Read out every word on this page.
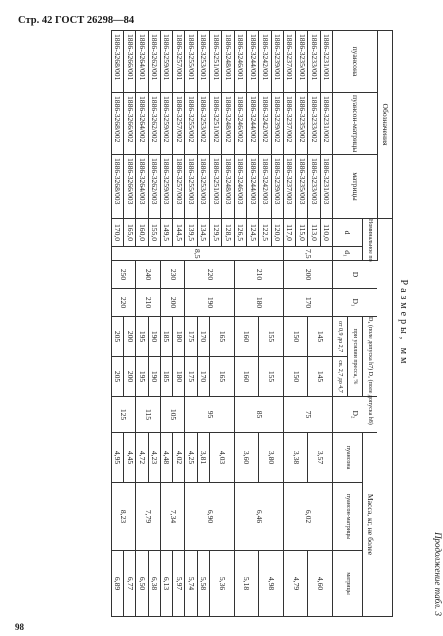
Стр. 42 ГОСТ 26298—84
Продолжение табл. 3
Размеры, мм
Обозначения												
пуансона	пуансон-матрицы	матрицы	Номинальное по		D	D₁	D₄ (поле допуска h7) D₂ (поле допуска h8)		D₂	Масса, кг, не более		
			d	d₁			при усилии пресса, %			пуансона	пуансон-матрицы	матрицы
							от 0,9 до 2,7	св. 2,7 до 4,7				
1886-3231/001	1886-3231/002	1886-3231/003	110,0	7,5	200	170	145	145	75	3,57	6,02	4,60
1886-3233/001	1886-3233/002	1886-3233/003	113,0									
1886-3235/001	1886-3235/002	1886-3235/003	115,0				150	150		3,38		4,79
1886-3237/001	1886-3237/002	1886-3237/003	117,0									
1886-3239/001	1886-3239/002	1886-3239/003	120,0	8,5	210	180	155	155	85	3,80	6,46	4,98
1886-3242/001	1886-3242/002	1886-3242/003	122,5									
1886-3244/001	1886-3244/002	1886-3244/003	124,5				160	160		3,60		5,18
1886-3246/001	1886-3246/002	1886-3246/003	126,5									
1886-3248/001	1886-3248/002	1886-3248/003	128,5		220	190	165	165	95	4,03	6,90	5,36
1886-3251/001	1886-3251/002	1886-3251/003	129,5									
1886-3253/001	1886-3253/002	1886-3253/003	134,5				170	170		3,81		5,58
1886-3255/001	1886-3255/002	1886-3255/003	139,5				175	175		4,25		5,74
1886-3257/001	1886-3257/002	1886-3257/003	144,5		230	200	180	180	105	4,02	7,34	5,97
1886-3259/001	1886-3259/002	1886-3259/003	149,5				185	185		4,48		6,13
1886-3262/001	1886-3262/002	1886-3262/003	155,0		240	210	190	190	115	4,23	7,79	6,38
1886-3264/001	1886-3264/002	1886-3264/003	160,0				195	195		4,72		6,50
1886-3266/001	1886-3266/002	1886-3266/003	165,0		250	220	200	200	125	4,45	8,23	6,77
1886-3268/001	1886-3268/002	1886-3268/003	170,0				205	205		4,95		6,89
98
